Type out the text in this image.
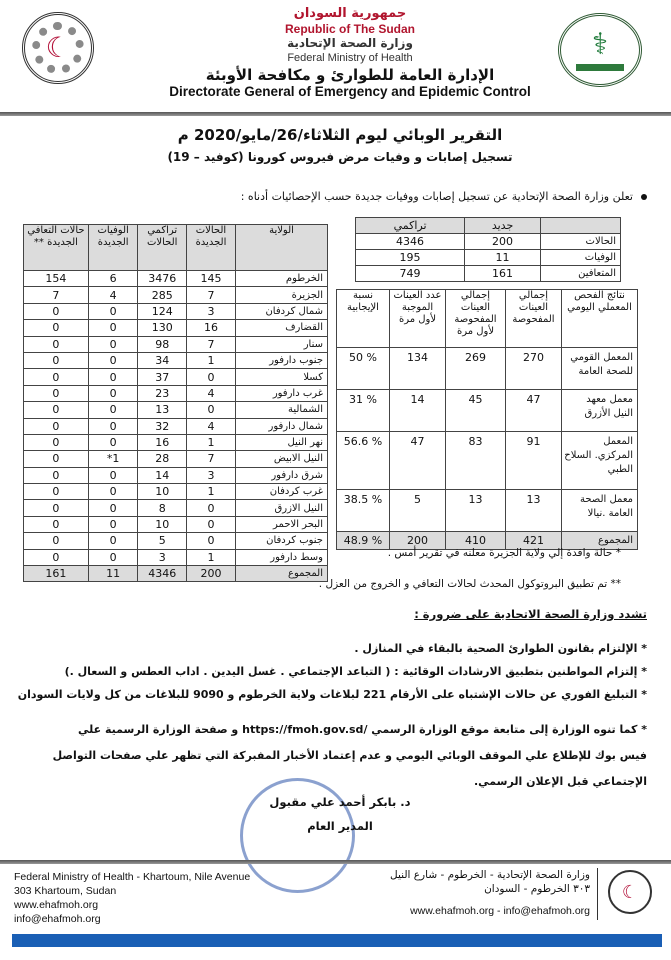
☾	⚕
جمهورية السودان
Republic of The Sudan
وزارة الصحة الإتحادية
Federal Ministry of Health
الإدارة العامة للطوارئ و مكافحة الأوبئة
Directorate General of Emergency and Epidemic Control
التقرير الوبائي ليوم الثلاثاء/26/مايو/2020 م
تسجيل إصابات و وفيات مرض فيروس كورونا (كوفيد – 19)
تعلن وزارة الصحة الإتحادية عن تسجيل إصابات ووفيات جديدة حسب الإحصائيات أدناه :
الولاية	الحالات الجديدة	تراكمي الحالات	الوفيات الجديدة	حالات التعافي الجديدة **
الخرطوم	145	3476	6	154
الجزيرة	7	285	4	7
شمال كردفان	3	124	0	0
القضارف	16	130	0	0
سنار	7	98	0	0
جنوب دارفور	1	34	0	0
كسلا	0	37	0	0
غرب دارفور	4	23	0	0
الشمالية	0	13	0	0
شمال دارفور	4	32	0	0
نهر النيل	1	16	0	0
النيل الابيض	7	28	1*	0
شرق دارفور	3	14	0	0
غرب كردفان	1	10	0	0
النيل الازرق	0	8	0	0
البحر الاحمر	0	10	0	0
جنوب كردفان	0	5	0	0
وسط دارفور	1	3	0	0
المجموع	200	4346	11	161
	جديد	تراكمي
الحالات	200	4346
الوفيات	11	195
المتعافين	161	749
نتائج الفحص المعملي اليومي	إجمالي العينات المفحوصة	إجمالي العينات المفحوصة لأول مرة	عدد العينات الموجبة لأول مرة	نسبة الإيجابية
المعمل القومي للصحة العامة	270	269	134	% 50
معمل معهد النيل الأزرق	47	45	14	% 31
المعمل المركزي. السلاح الطبي	91	83	47	% 56.6
معمل الصحة العامة .نيالا	13	13	5	% 38.5
المجموع	421	410	200	% 48.9

* حالة وافدة إلي ولاية الجزيرة معلنه في تقرير أمس .

** تم تطبيق البروتوكول المحدث لحالات التعافي و الخروج من العزل .

تشدد وزارة الصحة الاتحادية على ضرورة :

* الإلتزام بقانون الطوارئ الصحية بالبقاء في المنازل .

* إلتزام المواطنين بتطبيق الارشادات الوقائية : ( التباعد الإجتماعي . غسل اليدين . اداب العطس و السعال .)

* التبليغ الفوري عن حالات الإشتباه على الأرقام 221 لبلاغات ولاية الخرطوم و 9090 للبلاغات من كل ولايات السودان

* كما تنوه الوزارة إلى متابعة موقع الوزارة الرسمي /https://fmoh.gov.sd و صفحة الوزارة الرسمية علي فيس بوك للإطلاع علي الموقف الوبائي اليومي و عدم إعتماد الأخبار المفبركة التي تظهر علي صفحات التواصل الإجتماعي قبل الإعلان الرسمي.

د. بابكر أحمد علي مقبول
المدير العام
Federal Ministry of Health - Khartoum, Nile Avenue
303 Khartoum, Sudan
www.ehafmoh.org
info@ehafmoh.org
وزارة الصحة الإتحادية - الخرطوم - شارع النيل
٣٠٣ الخرطوم - السودان
www.ehafmoh.org - info@ehafmoh.org
☾
